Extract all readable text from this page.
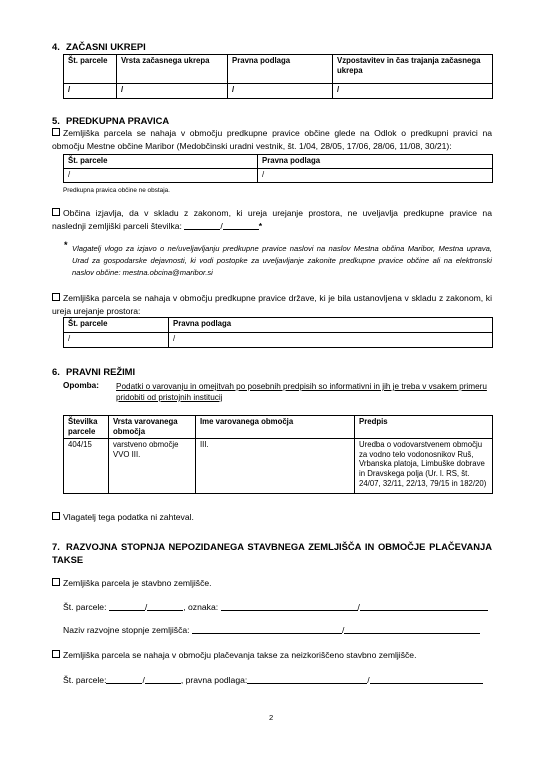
4. ZAČASNI UKREPI
Št. parcele	Vrsta začasnega ukrepa	Pravna podlaga	Vzpostavitev in čas trajanja začasnega ukrepa
/	/	/	/
5. PREDKUPNA PRAVICA
Zemljiška parcela se nahaja v območju predkupne pravice občine glede na Odlok o predkupni pravici na območju Mestne občine Maribor (Medobčinski uradni vestnik, št. 1/04, 28/05, 17/06, 28/06, 11/08, 30/21):
Št. parcele	Pravna podlaga
/	/
Predkupna pravica občine ne obstaja.
Občina izjavlja, da v skladu z zakonom, ki ureja urejanje prostora, ne uveljavlja predkupne pravice na
naslednji zemljiški parceli številka:	/	*
* Vlagatelj vlogo za izjavo o ne/uveljavljanju predkupne pravice naslovi na naslov Mestna občina Maribor, Mestna uprava, Urad za gospodarske dejavnosti, ki vodi postopke za uveljavljanje zakonite predkupne pravice občine ali na elektronski naslov občine: mestna.obcina@maribor.si
Zemljiška parcela se nahaja v območju predkupne pravice države, ki je bila ustanovljena v skladu z zakonom, ki ureja urejanje prostora:
Št. parcele	Pravna podlaga
/	/
6. PRAVNI REŽIMI
Opomba: Podatki o varovanju in omejitvah po posebnih predpisih so informativni in jih je treba v vsakem primeru pridobiti od pristojnih institucij
Številka parcele	Vrsta varovanega območja	Ime varovanega območja	Predpis
404/15	varstveno območje VVO III.	III.	Uredba o vodovarstvenem območju za vodno telo vodonosnikov Ruš, Vrbanska platoja, Limbuške dobrave in Dravskega polja (Ur. l. RS, št. 24/07, 32/11, 22/13, 79/15 in 182/20)
Vlagatelj tega podatka ni zahteval.
7. RAZVOJNA STOPNJA NEPOZIDANEGA STAVBNEGA ZEMLJIŠČA IN OBMOČJE PLAČEVANJA TAKSE
Zemljiška parcela je stavbno zemljišče.
Št. parcele:	/	, oznaka:	/
Naziv razvojne stopnje zemljišča:	/
Zemljiška parcela se nahaja v območju plačevanja takse za neizkoriščeno stavbno zemljišče.
Št. parcele:	/	, pravna podlaga:	/
2
